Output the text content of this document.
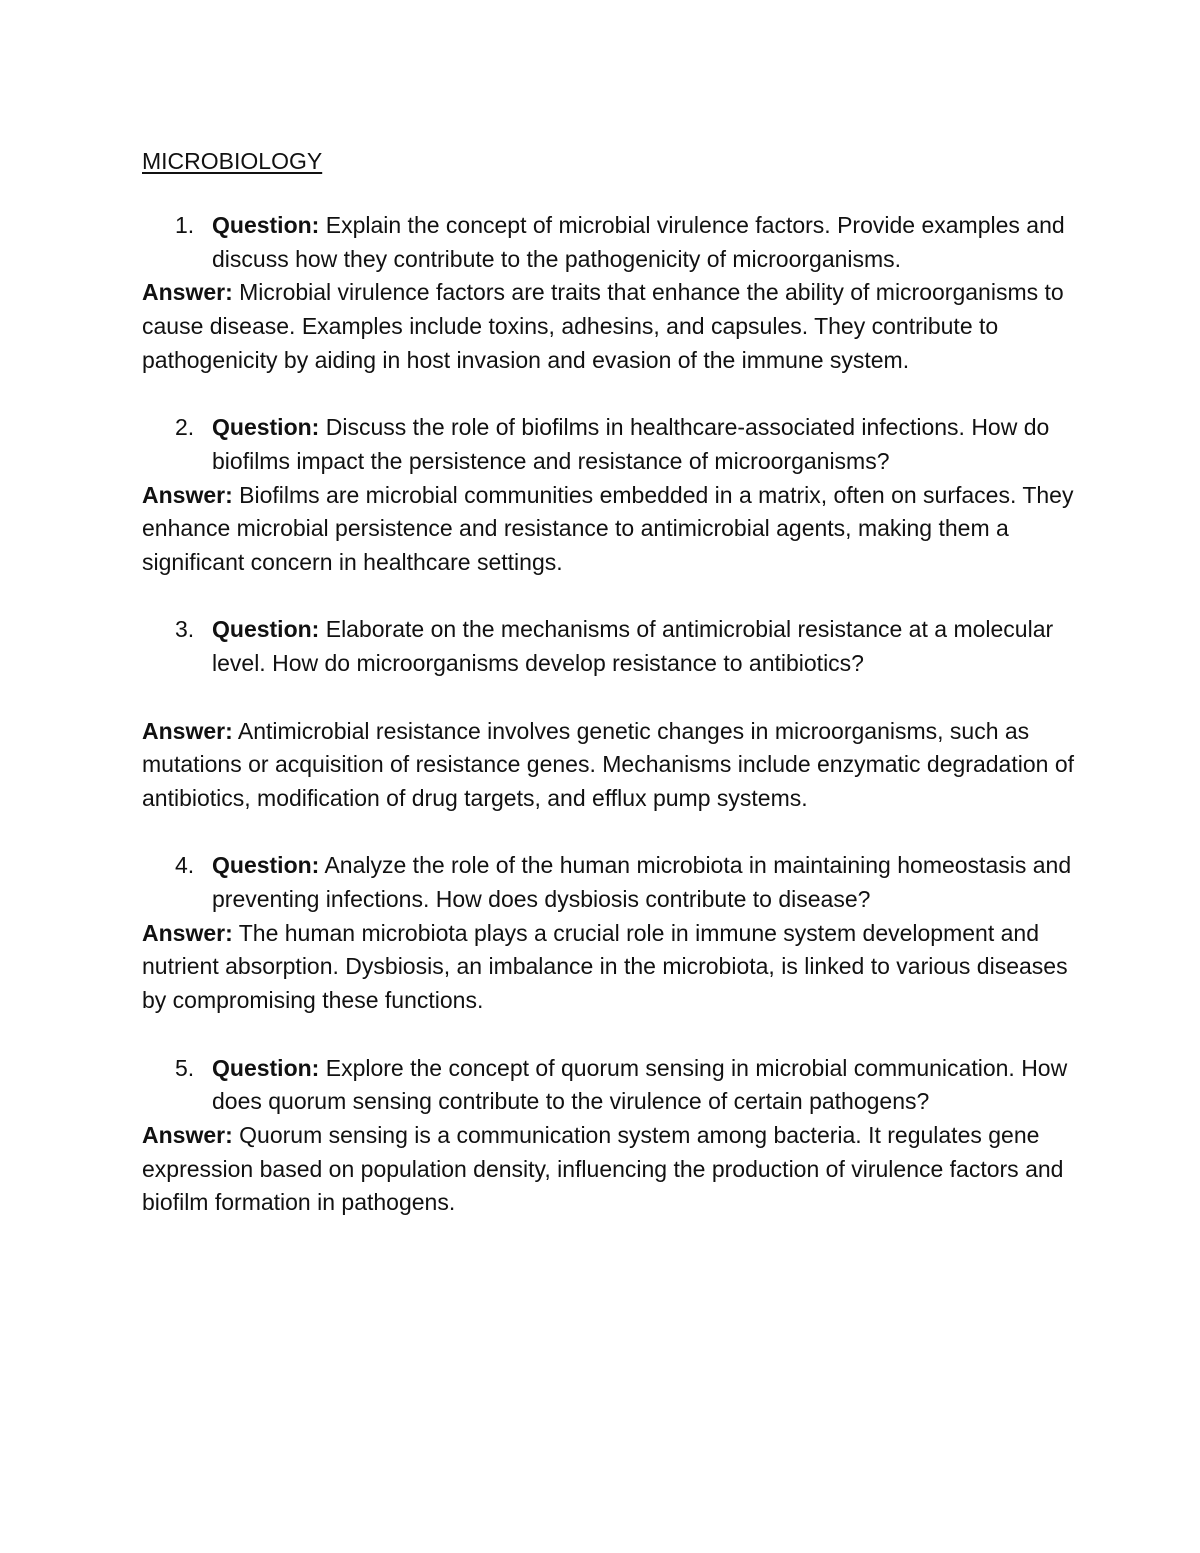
MICROBIOLOGY

1. Question: Explain the concept of microbial virulence factors. Provide examples and discuss how they contribute to the pathogenicity of microorganisms.

Answer: Microbial virulence factors are traits that enhance the ability of microorganisms to cause disease. Examples include toxins, adhesins, and capsules. They contribute to pathogenicity by aiding in host invasion and evasion of the immune system.

2. Question: Discuss the role of biofilms in healthcare-associated infections. How do biofilms impact the persistence and resistance of microorganisms?

Answer: Biofilms are microbial communities embedded in a matrix, often on surfaces. They enhance microbial persistence and resistance to antimicrobial agents, making them a significant concern in healthcare settings.

3. Question: Elaborate on the mechanisms of antimicrobial resistance at a molecular level. How do microorganisms develop resistance to antibiotics?

Answer: Antimicrobial resistance involves genetic changes in microorganisms, such as mutations or acquisition of resistance genes. Mechanisms include enzymatic degradation of antibiotics, modification of drug targets, and efflux pump systems.

4. Question: Analyze the role of the human microbiota in maintaining homeostasis and preventing infections. How does dysbiosis contribute to disease?

Answer: The human microbiota plays a crucial role in immune system development and nutrient absorption. Dysbiosis, an imbalance in the microbiota, is linked to various diseases by compromising these functions.

5. Question: Explore the concept of quorum sensing in microbial communication. How does quorum sensing contribute to the virulence of certain pathogens?

Answer: Quorum sensing is a communication system among bacteria. It regulates gene expression based on population density, influencing the production of virulence factors and biofilm formation in pathogens.
